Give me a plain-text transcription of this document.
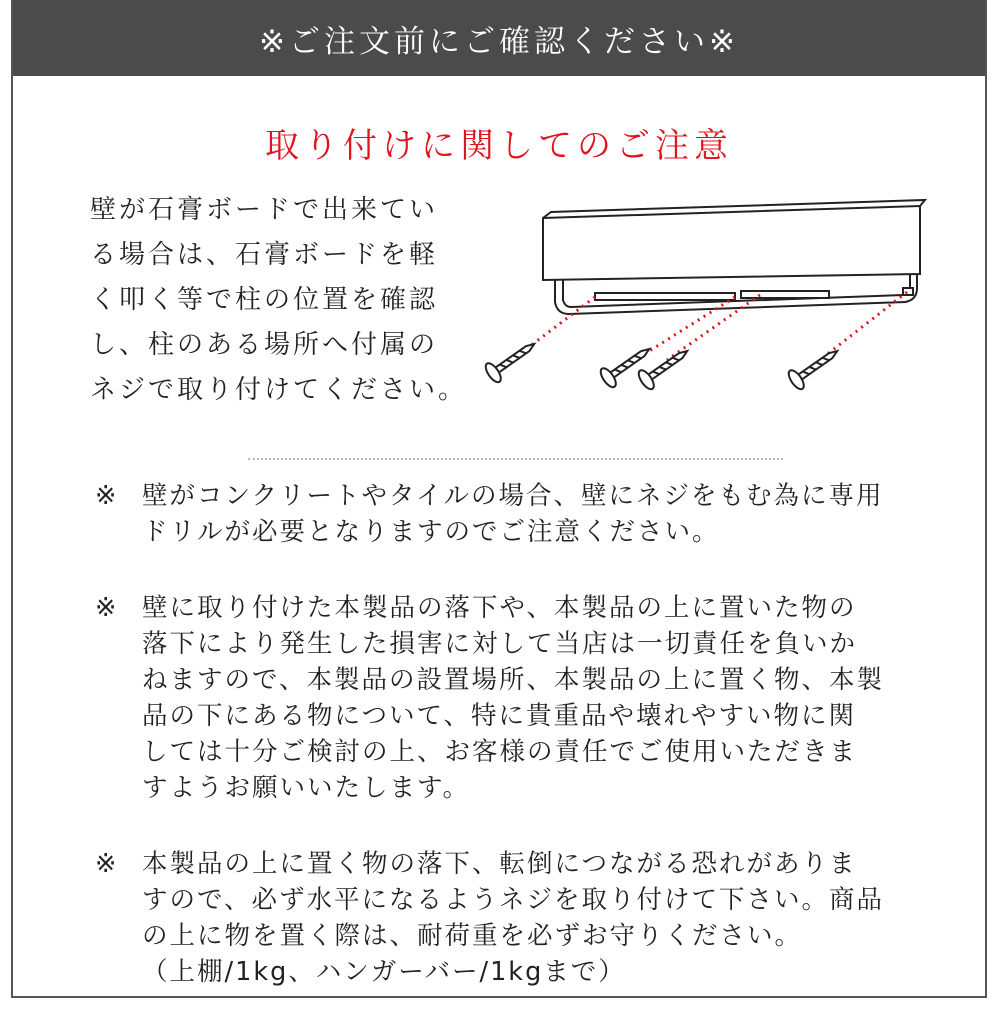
※ご注文前にご確認ください※
取り付けに関してのご注意
壁が石膏ボードで出来てい
る場合は、石膏ボードを軽
く叩く等で柱の位置を確認
し、柱のある場所へ付属の
ネジで取り付けてください。
※ 壁がコンクリートやタイルの場合、壁にネジをもむ為に専用
ドリルが必要となりますのでご注意ください。
※ 壁に取り付けた本製品の落下や、本製品の上に置いた物の
落下により発生した損害に対して当店は一切責任を負いか
ねますので、本製品の設置場所、本製品の上に置く物、本製
品の下にある物について、特に貴重品や壊れやすい物に関
しては十分ご検討の上、お客様の責任でご使用いただきま
すようお願いいたします。
※ 本製品の上に置く物の落下、転倒につながる恐れがありま
すので、必ず水平になるようネジを取り付けて下さい。商品
の上に物を置く際は、耐荷重を必ずお守りください。
（上棚/1kg、ハンガーバー/1kgまで）
